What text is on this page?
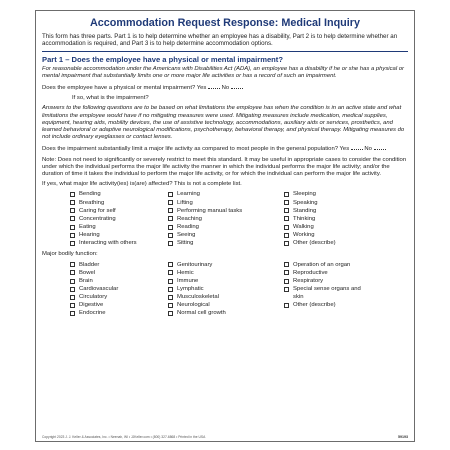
Accommodation Request Response: Medical Inquiry
This form has three parts. Part 1 is to help determine whether an employee has a disability, Part 2 is to help determine whether an accommodation is required, and Part 3 is to help determine accommodation options.
Part 1 – Does the employee have a physical or mental impairment?
For reasonable accommodation under the Americans with Disabilities Act (ADA), an employee has a disability if he or she has a physical or mental impairment that substantially limits one or more major life activities or has a record of such an impairment.
Does the employee have a physical or mental impairment? Yes	No
If so, what is the impairment?
Answers to the following questions are to be based on what limitations the employee has when the condition is in an active state and what limitations the employee would have if no mitigating measures were used. Mitigating measures include medication, medical supplies, equipment, hearing aids, mobility devices, the use of assistive technology, accommodations, auxiliary aids or services, prosthetics, and learned behavioral or adaptive neurological modifications, psychotherapy, behavioral therapy, and physical therapy. Mitigating measures do not include ordinary eyeglasses or contact lenses.
Does the impairment substantially limit a major life activity as compared to most people in the general population? Yes	No
Note: Does not need to significantly or severely restrict to meet this standard. It may be useful in appropriate cases to consider the condition under which the individual performs the major life activity the manner in which the individual performs the major life activity; and/or the duration of time it takes the individual to perform the major life activity, or for which the individual can perform the major life activity.
If yes, what major life activity(ies) is(are) affected? This is not a complete list.
Bending
Breathing
Caring for self
Concentrating
Eating
Hearing
Interacting with others
Learning
Lifting
Performing manual tasks
Reaching
Reading
Seeing
Sitting
Sleeping
Speaking
Standing
Thinking
Walking
Working
Other (describe)
Major bodily function:
Bladder
Bowel
Brain
Cardiovascular
Circulatory
Digestive
Endocrine
Genitourinary
Hemic
Immune
Lymphatic
Musculoskeletal
Neurological
Normal cell growth
Operation of an organ
Reproductive
Respiratory
Special sense organs and
skin
Other (describe)
Copyright 2023 J. J. Keller & Associates, Inc. • Neenah, WI • JJKeller.com • (800) 327-6868 • Printed in the USA	59193
